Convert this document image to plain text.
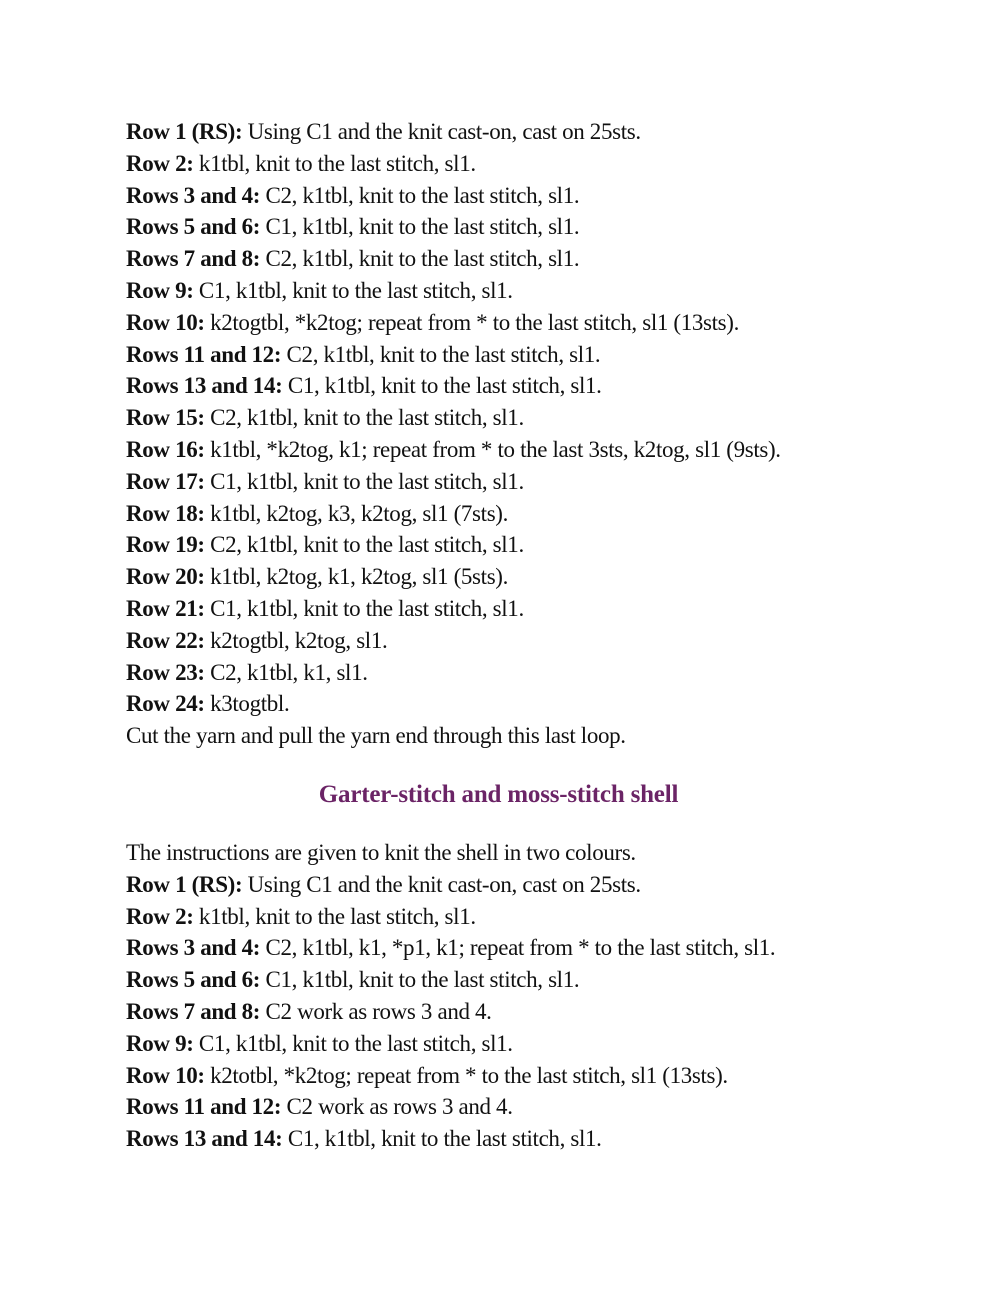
Row 1 (RS): Using C1 and the knit cast-on, cast on 25sts.
Row 2: k1tbl, knit to the last stitch, sl1.
Rows 3 and 4: C2, k1tbl, knit to the last stitch, sl1.
Rows 5 and 6: C1, k1tbl, knit to the last stitch, sl1.
Rows 7 and 8: C2, k1tbl, knit to the last stitch, sl1.
Row 9: C1, k1tbl, knit to the last stitch, sl1.
Row 10: k2togtbl, *k2tog; repeat from * to the last stitch, sl1 (13sts).
Rows 11 and 12: C2, k1tbl, knit to the last stitch, sl1.
Rows 13 and 14: C1, k1tbl, knit to the last stitch, sl1.
Row 15: C2, k1tbl, knit to the last stitch, sl1.
Row 16: k1tbl, *k2tog, k1; repeat from * to the last 3sts, k2tog, sl1 (9sts).
Row 17: C1, k1tbl, knit to the last stitch, sl1.
Row 18: k1tbl, k2tog, k3, k2tog, sl1 (7sts).
Row 19: C2, k1tbl, knit to the last stitch, sl1.
Row 20: k1tbl, k2tog, k1, k2tog, sl1 (5sts).
Row 21: C1, k1tbl, knit to the last stitch, sl1.
Row 22: k2togtbl, k2tog, sl1.
Row 23: C2, k1tbl, k1, sl1.
Row 24: k3togtbl.
Cut the yarn and pull the yarn end through this last loop.
Garter-stitch and moss-stitch shell
The instructions are given to knit the shell in two colours.
Row 1 (RS): Using C1 and the knit cast-on, cast on 25sts.
Row 2: k1tbl, knit to the last stitch, sl1.
Rows 3 and 4: C2, k1tbl, k1, *p1, k1; repeat from * to the last stitch, sl1.
Rows 5 and 6: C1, k1tbl, knit to the last stitch, sl1.
Rows 7 and 8: C2 work as rows 3 and 4.
Row 9: C1, k1tbl, knit to the last stitch, sl1.
Row 10: k2totbl, *k2tog; repeat from * to the last stitch, sl1 (13sts).
Rows 11 and 12: C2 work as rows 3 and 4.
Rows 13 and 14: C1, k1tbl, knit to the last stitch, sl1.
